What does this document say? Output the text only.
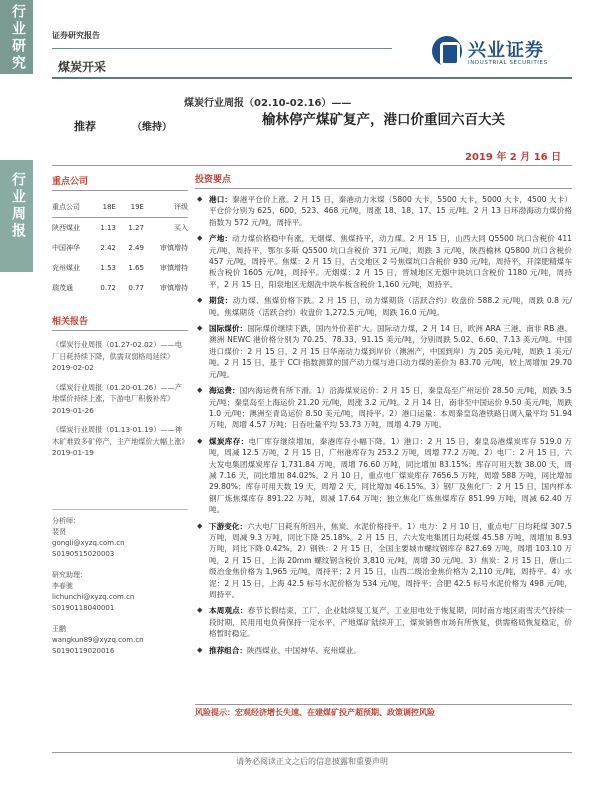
行业研究
行业周报
证券研究报告
煤炭开采
兴业证券
INDUSTRIAL SECURITIES
煤炭行业周报（02.10-02.16）——
榆林停产煤矿复产，港口价重回六百大关
推荐	（维持）
2019 年 2 月 16 日
重点公司
重点公司	18E	19E	评级
陕西煤业	1.13	1.27	买入
中国神华	2.42	2.49	审慎增持
兖州煤业	1.53	1.65	审慎增持
瑞茂通	0.72	0.77	审慎增持
相关报告
《煤炭行业周报（01.27-02.02）——电厂日耗持续下降，供需双弱格局延续》2019-02-02
《煤炭行业周报（01.20-01.26）——产地煤价持续上涨，下游电厂积极补库》2019-01-26
《煤炭行业周报（01.13-01.19）——神木矿难致多矿停产，主产地煤价大幅上涨》2019-01-19
分析师：
裴贤
gongli@xyzq.com.cn
S0190515020003
研究助理：
李春驰
lichunchi@xyzq.com.cn
S0190118040001
王鹏
wangkun89@xyzq.com.cn
S0190119020016
投资要点
◆ 港口：秦港平仓价上涨。2 月 15 日，秦港动力末煤（5800 大卡，5500 大卡，5000 大卡，4500 大卡）平仓价分别为 625、600、523、468 元/吨，周涨 18、18、17、15 元/吨。2 月 13 日环渤海动力煤价格指数为 572 元/吨，周持平。
◆ 产地：动力煤价格稳中有涨，无烟煤、焦煤持平，动力煤。2 月 15 日，山西大同 Q5500 坑口含税价 411 元/吨，周持平，鄂尔多斯 Q5500 坑口含税价 371 元/吨，周跌 3 元/吨，陕西榆林 Q5800 坑口含税价 457 元/吨，周持平。焦煤：2 月 15 日，古交地区 2 号焦煤坑口含税价 930 元/吨，周持平，开滦肥精煤车板含税价 1605 元/吨，周持平。无烟煤：2 月 15 日，晋城地区无烟中块坑口含税价 1180 元/吨，周持平，2 月 15 日，阳泉地区无烟洗中块车板含税价 1,160 元/吨，周持平。
◆ 期货：动力煤、焦煤价格下跌。2 月 15 日，动力煤期货（活跃合约）收盘价 588.2 元/吨，周跌 0.8 元/吨。焦煤期货（活跃合约）收盘价 1,272.5 元/吨，周跌 16.0 元/吨。
◆ 国际煤价：国际煤价继续下跌，国内外价差扩大。国际动力煤，2 月 14 日，欧洲 ARA 三港、南非 RB 港、澳洲 NEWC 港价格分别为 70.25、78.33、91.15 美元/吨，分别周跌 5.02、6.60、7.13 美元/吨。中国进口煤价：2 月 15 日，2 月 15 日华南动力煤到岸价（澳洲产，中国到岸）为 205 美元/吨，周跌 1 美元/吨。2 月 15 日，基于 CCI 指数测算的国产动力煤与进口动力煤的差价为 83.70 元/吨，较上周增加 29.70 元/吨。
◆ 海运费：国内海运费有所下滑。1）沿海煤炭运价：2 月 15 日，秦皇岛至广州运价 28.50 元/吨，周跌 3.5 元/吨；秦皇岛至上海运价 21.20 元/吨，周涨 3.2 元/吨。2 月 14 日，南非至中国运价 9.50 美元/吨，周跌 1.0 元/吨；澳洲至青岛运价 8.50 美元/吨，周持平。2）港口运量：本周秦皇岛港铁路日调入量平均 51.94 万吨，周增 4.57 万吨；日吞吐量平均 53.73 万吨，周增 4.79 万吨。
◆ 煤炭库存：电厂库存继续增加，秦港库存小幅下降。1）港口：2 月 15 日，秦皇岛港煤炭库存 519.0 万吨，周减 12.5 万吨，2 月 15 日，广州港库存为 253.2 万吨，周增 77.2 万吨。2）电厂：2 月 15 日，六大发电集团煤炭库存 1,731.84 万吨，周增 76.60 万吨，同比增加 83.15%；库存可用天数 38.00 天，周减 7.16 天，同比增加 84.02%。2 月 10 日，重点电厂煤炭库存 7656.5 万吨，周增 588 万吨，同比增加 29.80%；库存可用天数 19 天，周增 2 天，同比增加 46.15%。3）钢厂及焦化厂：2 月 15 日，国内样本钢厂炼焦煤库存 891.22 万吨，周减 17.64 万吨；独立焦化厂炼焦煤库存 851.99 万吨，周减 62.40 万吨。
◆ 下游变化：六大电厂日耗有所回升，焦炭、水泥价格持平。1）电力：2 月 10 日，重点电厂日均耗煤 307.5 万吨，周减 9.3 万吨，同比下降 25.18%。2 月 15 日，六大发电集团日均耗煤 45.58 万吨，周增加 8.93 万吨，同比下降 0.42%。2）钢铁：2 月 15 日，全国主要城市螺纹钢库存 827.69 万吨，周增 103.10 万吨，2 月 15 日，上海 20mm 螺纹钢含税价 3,810 元/吨，周增 30 元/吨。3）焦炭：2 月 15 日，唐山二级冶金焦价格为 1,965 元/吨，周持平；2 月 15 日，山西二级冶金焦价格为 2,110 元/吨，周持平。4）水泥：2 月 15 日，上海 42.5 标号水泥价格为 534 元/吨，周持平；合肥 42.5 标号水泥价格为 498 元/吨，周持平。
◆ 本周观点：春节长假结束，工厂、企业陆续复工复产，工业用电处于恢复期，同时南方地区雨雪天气持续一段时期，民用用电负荷保持一定水平，产地煤矿陆续开工，煤炭销售市场有所恢复，供需格局恢复稳定，价格暂时稳定。
◆ 推荐组合：陕西煤业、中国神华、兖州煤业。
风险提示：宏观经济增长失速、在建煤矿投产超预期、政策调控风险
请务必阅读正文之后的信息披露和重要声明
